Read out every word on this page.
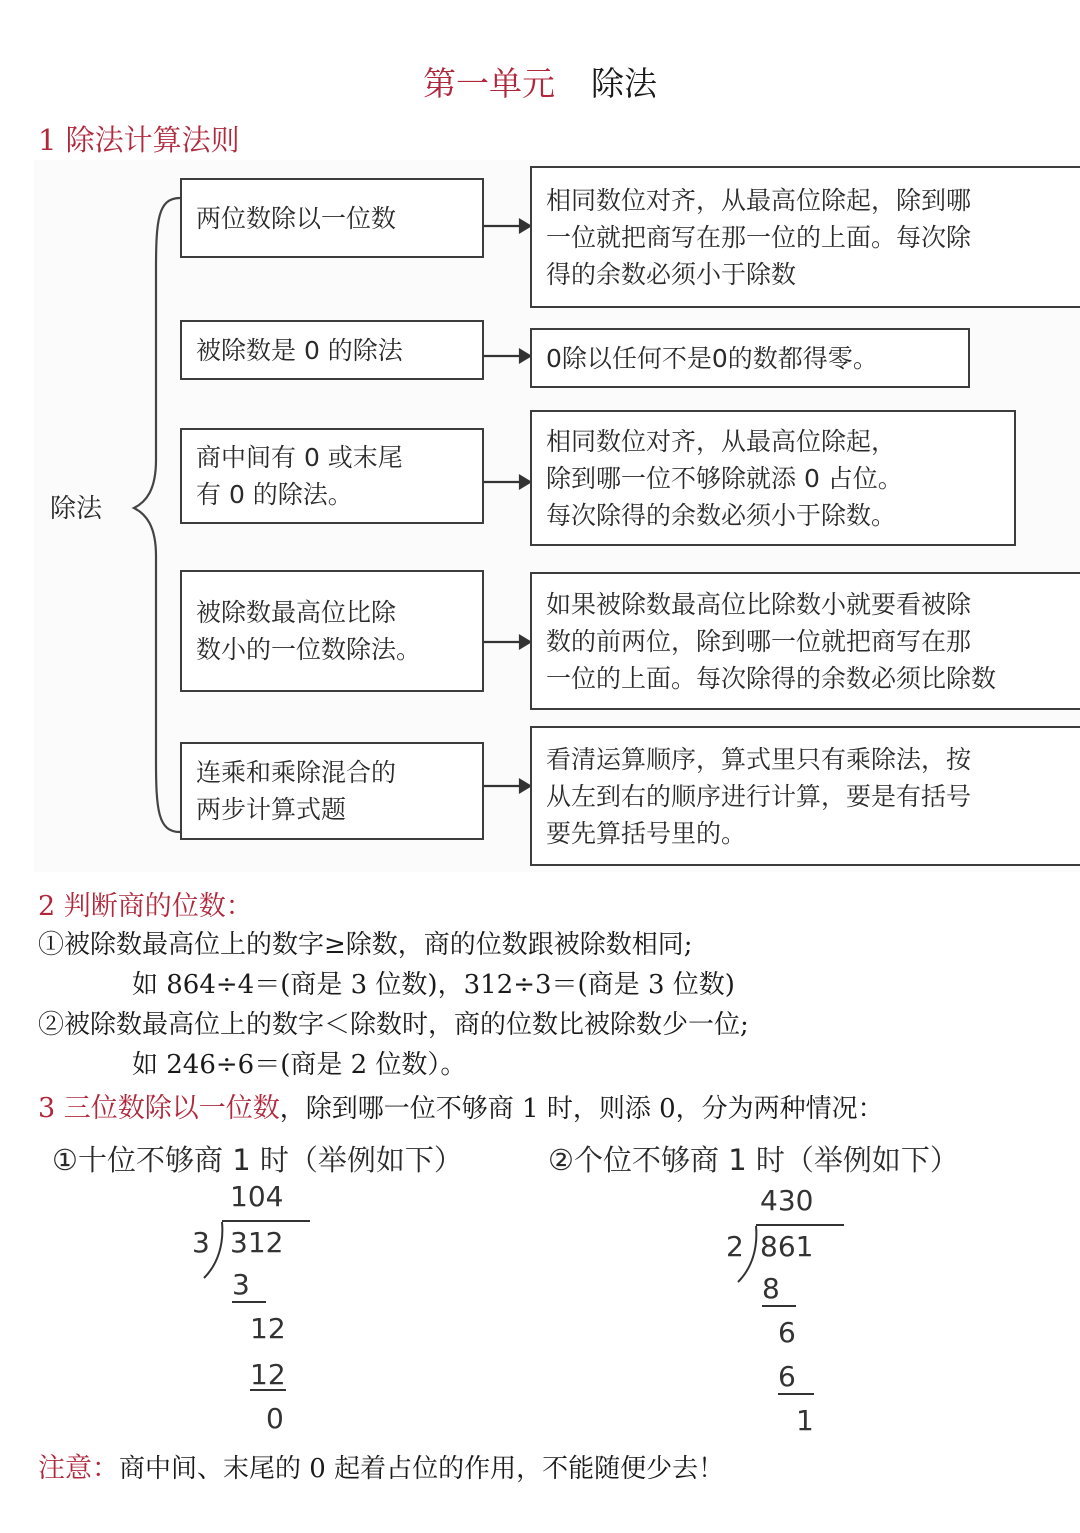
第一单元 除法
1 除法计算法则
除法
两位数除以一位数
相同数位对齐，从最高位除起，除到哪
一位就把商写在那一位的上面。每次除
得的余数必须小于除数
被除数是 0 的除法	0除以任何不是0的数都得零。
商中间有 0 或末尾
有 0 的除法。
相同数位对齐，从最高位除起，
除到哪一位不够除就添 0 占位。
每次除得的余数必须小于除数。
被除数最高位比除
数小的一位数除法。
如果被除数最高位比除数小就要看被除
数的前两位，除到哪一位就把商写在那
一位的上面。每次除得的余数必须比除数
连乘和乘除混合的
两步计算式题
看清运算顺序，算式里只有乘除法，按
从左到右的顺序进行计算，要是有括号
要先算括号里的。
2 判断商的位数：
①被除数最高位上的数字≥除数，商的位数跟被除数相同;
如 864÷4＝(商是 3 位数)，312÷3＝(商是 3 位数)
②被除数最高位上的数字＜除数时，商的位数比被除数少一位;
如 246÷6＝(商是 2 位数）。
3 三位数除以一位数，除到哪一位不够商 1 时，则添 0，分为两种情况：
①十位不够商 1 时（举例如下）	②个位不够商 1 时（举例如下）
104
3 312
3
12
12
0
430
2 861
8
6
6
1
注意：商中间、末尾的 0 起着占位的作用，不能随便少去！
